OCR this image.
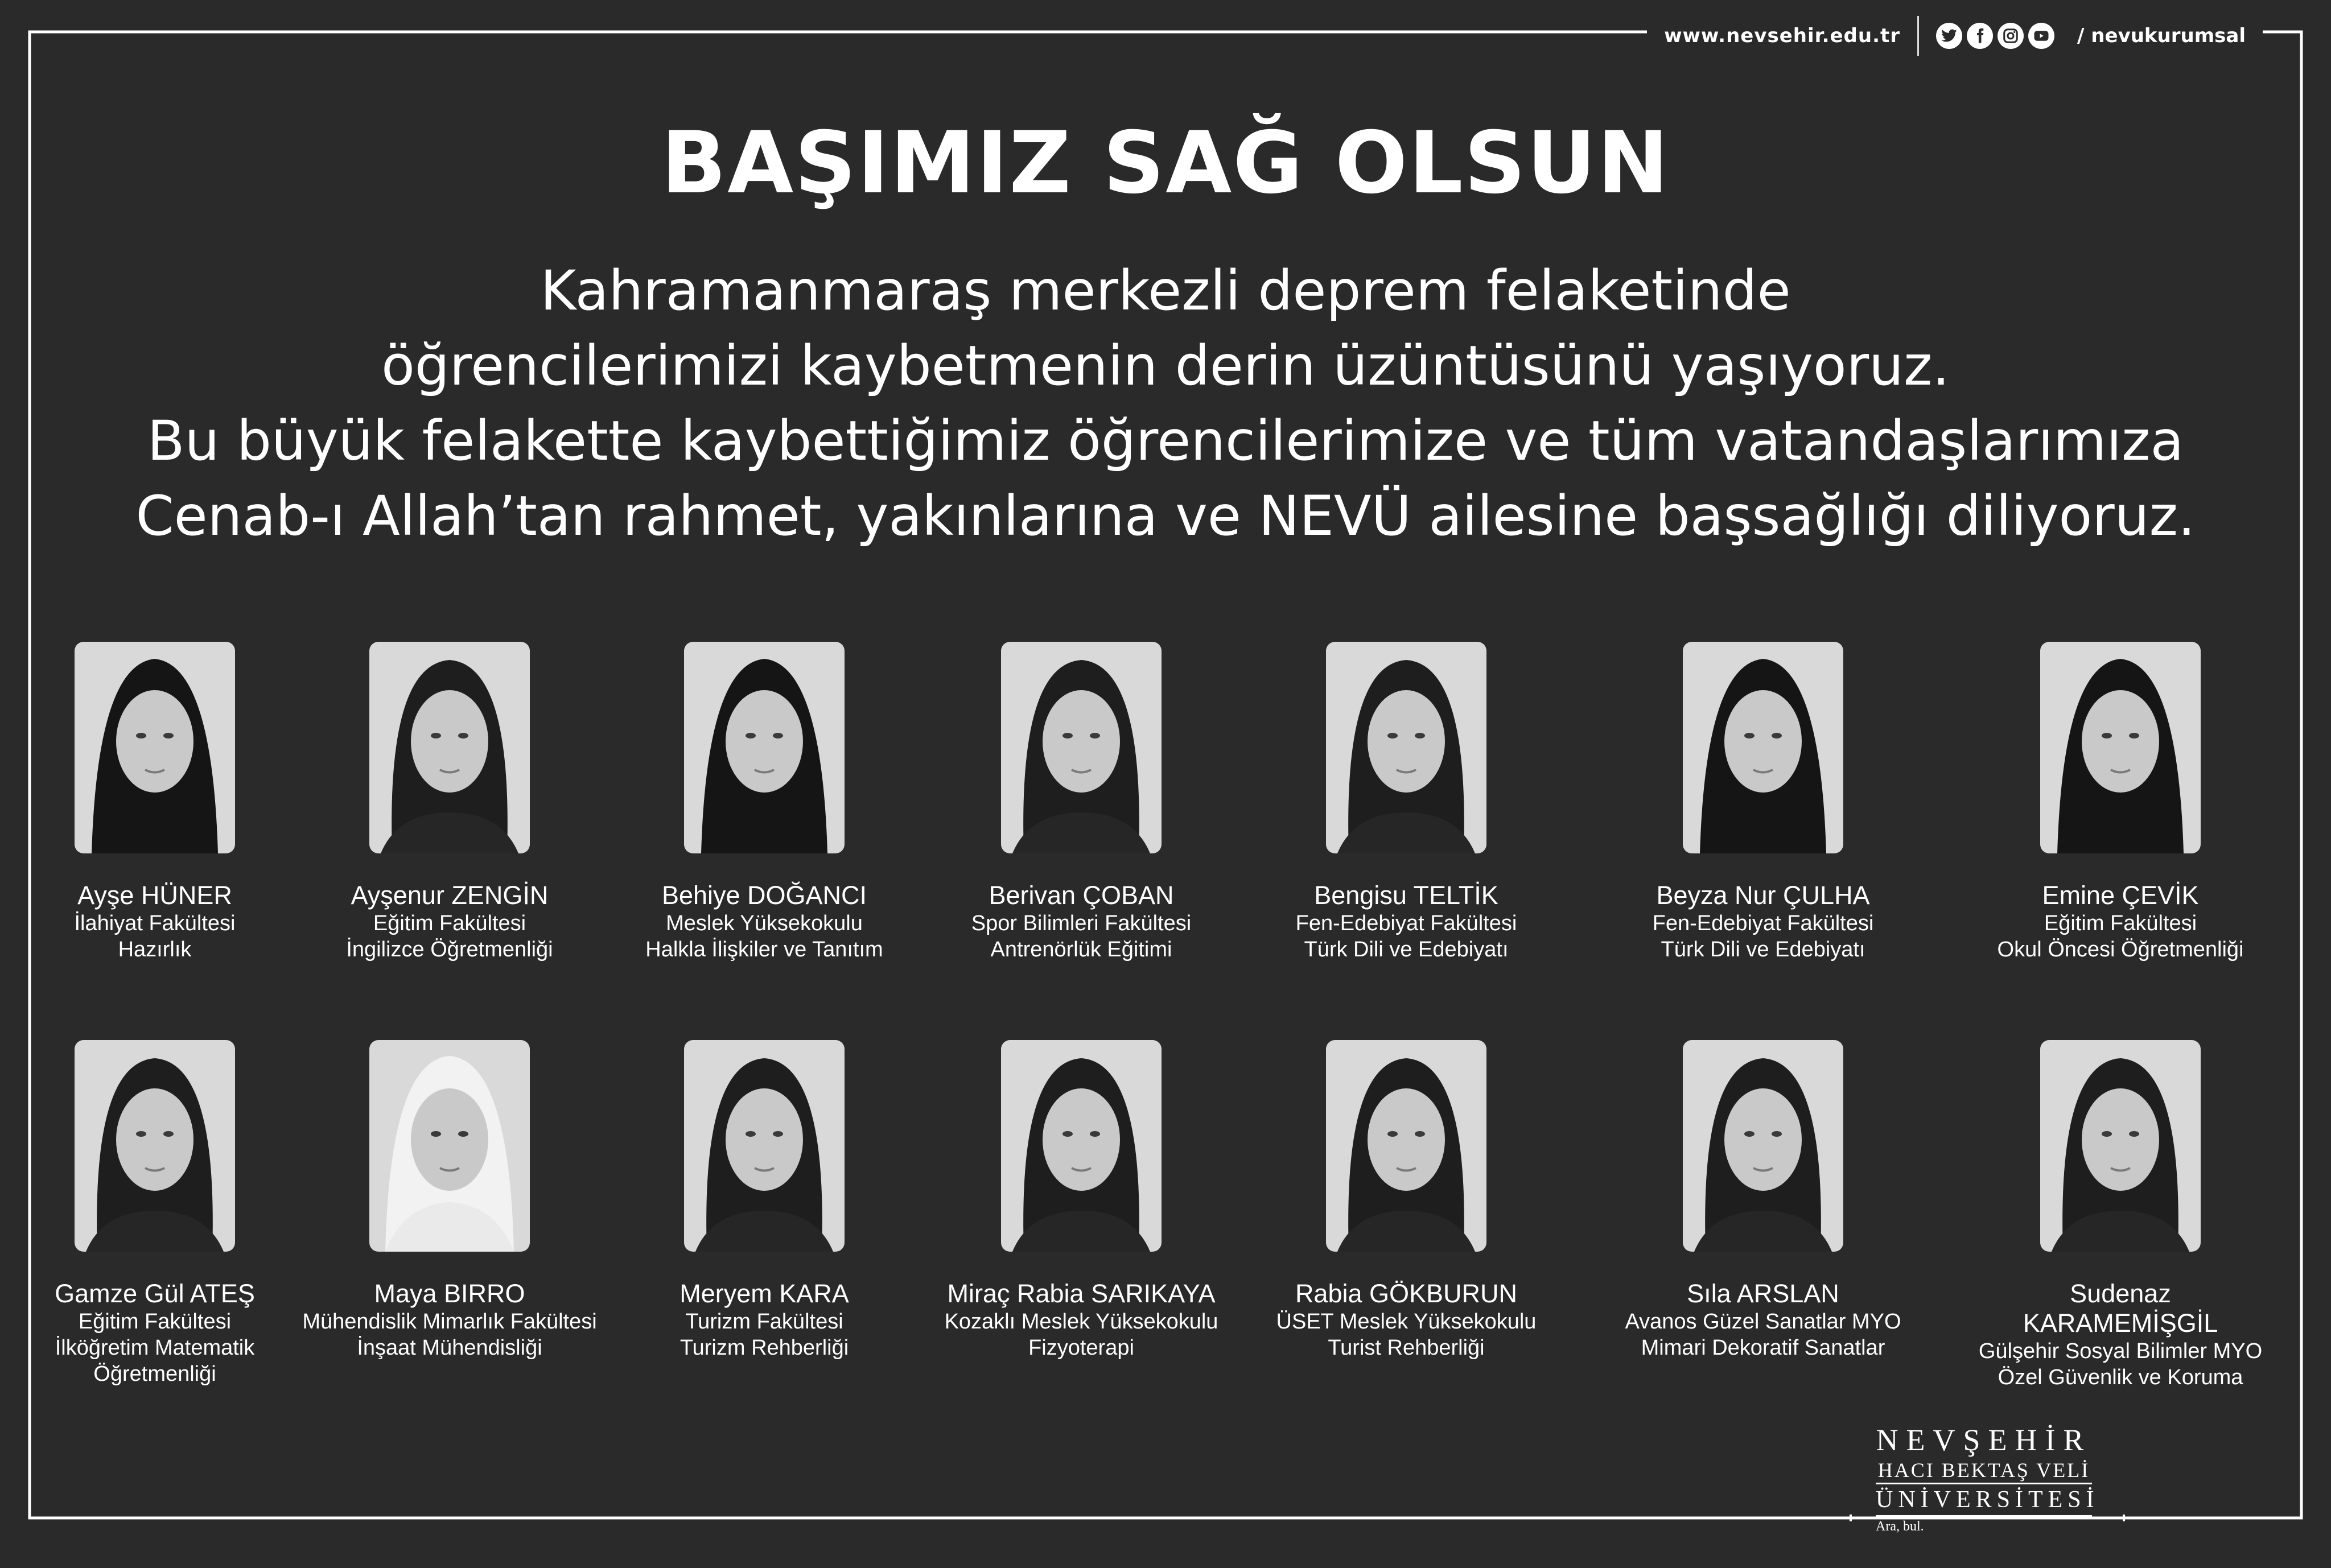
www.nevsehir.edu.tr	/ nevukurumsal
BAŞIMIZ SAĞ OLSUN
Kahramanmaraş merkezli deprem felaketinde
öğrencilerimizi kaybetmenin derin üzüntüsünü yaşıyoruz.
Bu büyük felakette kaybettiğimiz öğrencilerimize ve tüm vatandaşlarımıza
Cenab-ı Allah’tan rahmet, yakınlarına ve NEVÜ ailesine başsağlığı diliyoruz.
Ayşe HÜNER
İlahiyat Fakültesi
Hazırlık
Ayşenur ZENGİN
Eğitim Fakültesi
İngilizce Öğretmenliği
Behiye DOĞANCI
Meslek Yüksekokulu
Halkla İlişkiler ve Tanıtım
Berivan ÇOBAN
Spor Bilimleri Fakültesi
Antrenörlük Eğitimi
Bengisu TELTİK
Fen-Edebiyat Fakültesi
Türk Dili ve Edebiyatı
Beyza Nur ÇULHA
Fen-Edebiyat Fakültesi
Türk Dili ve Edebiyatı
Emine ÇEVİK
Eğitim Fakültesi
Okul Öncesi Öğretmenliği
Gamze Gül ATEŞ
Eğitim Fakültesi
İlköğretim Matematik
Öğretmenliği
Maya BIRRO
Mühendislik Mimarlık Fakültesi
İnşaat Mühendisliği
Meryem KARA
Turizm Fakültesi
Turizm Rehberliği
Miraç Rabia SARIKAYA
Kozaklı Meslek Yüksekokulu
Fizyoterapi
Rabia GÖKBURUN
ÜSET Meslek Yüksekokulu
Turist Rehberliği
Sıla ARSLAN
Avanos Güzel Sanatlar MYO
Mimari Dekoratif Sanatlar
Sudenaz KARAMEMİŞGİL
Gülşehir Sosyal Bilimler MYO
Özel Güvenlik ve Koruma
NEVŞEHİR
HACI BEKTAŞ VELİ
ÜNİVERSİTESİ
Ara, bul.
